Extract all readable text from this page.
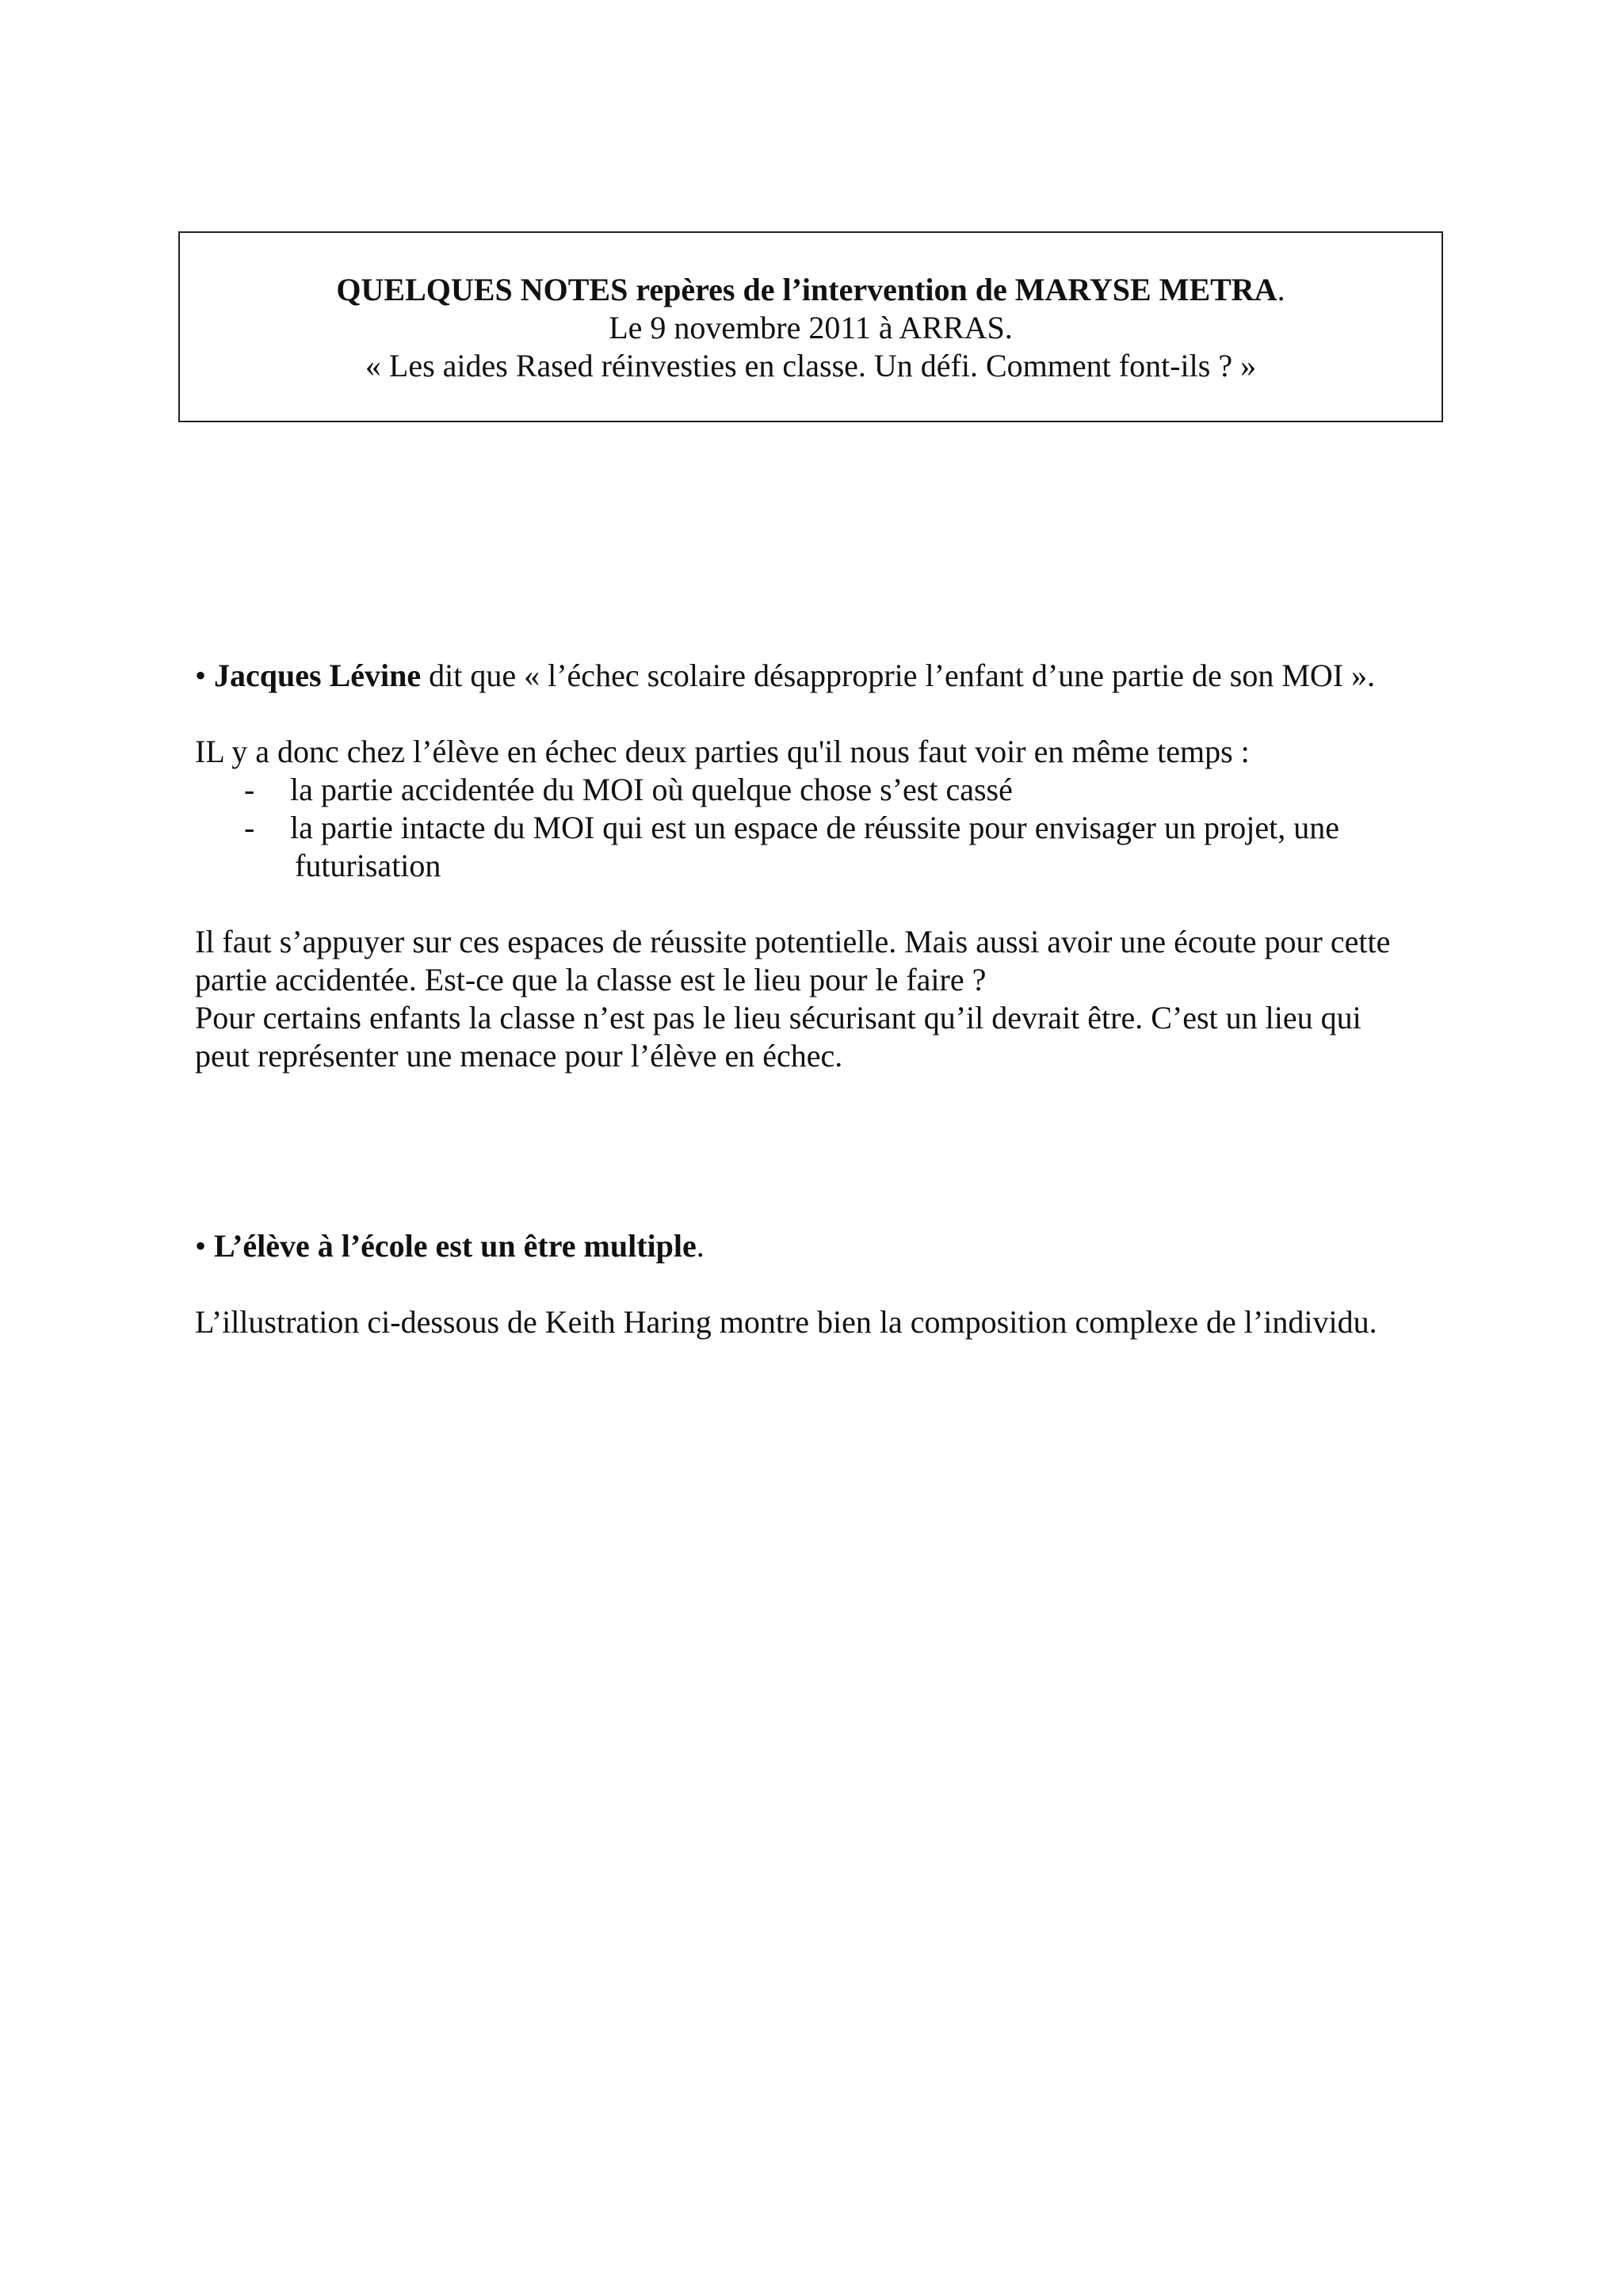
QUELQUES NOTES repères de l’intervention de MARYSE METRA.
Le 9 novembre 2011 à ARRAS.
« Les aides Rased réinvesties en classe. Un défi. Comment font-ils ? »
• Jacques Lévine dit que « l’échec scolaire désapproprie l’enfant d’une partie de son MOI ».
IL y a donc chez l’élève en échec deux parties qu'il nous faut voir en même temps :
- la partie accidentée du MOI où quelque chose s’est cassé
- la partie intacte du MOI qui est un espace de réussite pour envisager un projet, une
futurisation
Il faut s’appuyer sur ces espaces de réussite potentielle. Mais aussi avoir une écoute pour cette
partie accidentée. Est-ce que la classe est le lieu pour le faire ?
Pour certains enfants la classe n’est pas le lieu sécurisant qu’il devrait être. C’est un lieu qui
peut représenter une menace pour l’élève en échec.
• L’élève à l’école est un être multiple.
L’illustration ci-dessous de Keith Haring montre bien la composition complexe de l’individu.
